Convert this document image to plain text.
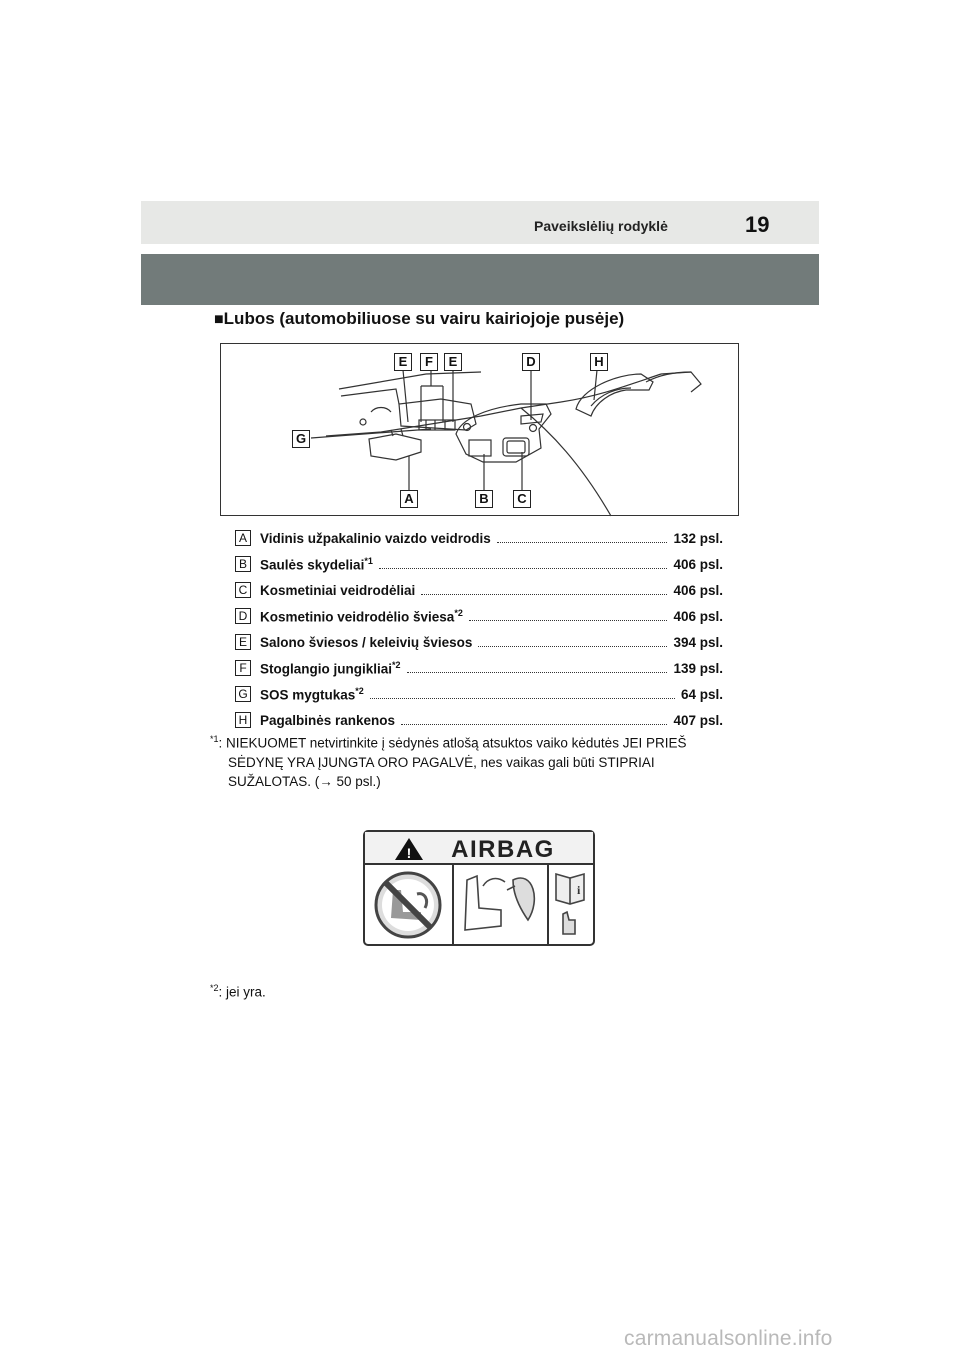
Paveikslėlių rodyklė	19
■Lubos (automobiliuose su vairu kairiojoje pusėje)
E	F	E	D	H
G
A	B	C
A Vidinis užpakalinio vaizdo veidrodis	132 psl.
B Saulės skydeliai$^{*1}$	406 psl.
C Kosmetiniai veidrodėliai	406 psl.
D Kosmetinio veidrodėlio šviesa$^{*2}$	406 psl.
E Salono šviesos / keleivių šviesos	394 psl.
F Stoglangio jungikliai$^{*2}$	139 psl.
G SOS mygtukas$^{*2}$	64 psl.
H Pagalbinės rankenos	407 psl.
$^{*1}$: NIEKUOMET netvirtinkite į sėdynės atlošą atsuktos vaiko kėdutės JEI PRIEŠ
SĖDYNĘ YRA ĮJUNGTA ORO PAGALVĖ, nes vaikas gali būti STIPRIAI
SUŽALOTAS. (→ 50 psl.)
! AIRBAG
i
$^{*2}$: jei yra.
carmanualsonline.info
